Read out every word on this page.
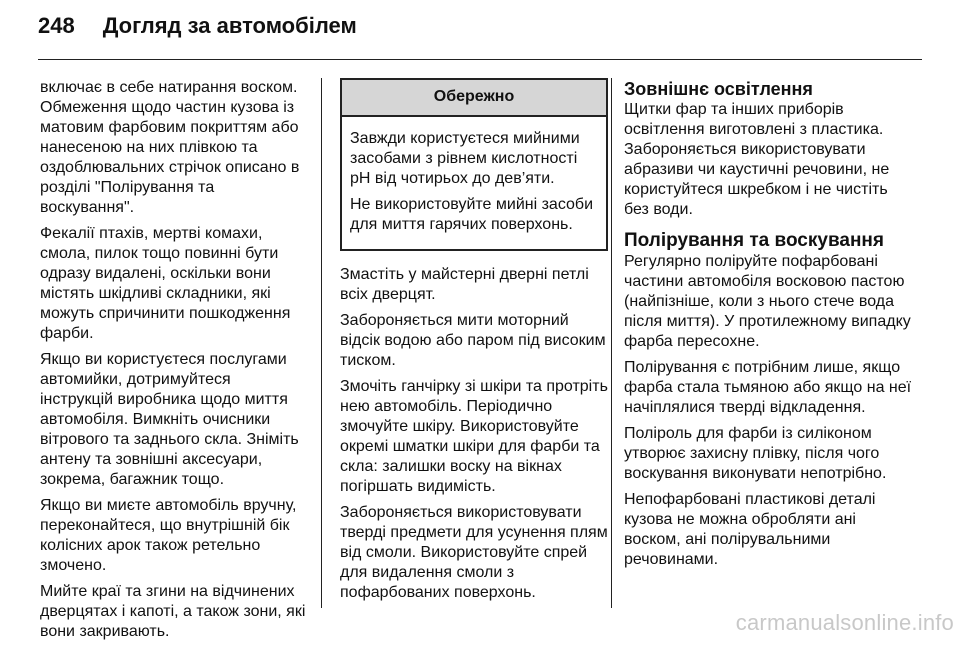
248 Догляд за автомобілем

включає в себе натирання воском. Обмеження щодо частин кузова із матовим фарбовим покриттям або нанесеною на них плівкою та оздоблювальних стрічок описано в розділі "Полірування та воскування".

Фекалії птахів, мертві комахи, смола, пилок тощо повинні бути одразу видалені, оскільки вони містять шкідливі складники, які можуть спричинити пошкодження фарби.

Якщо ви користуєтеся послугами автомийки, дотримуйтеся інструкцій виробника щодо миття автомобіля. Вимкніть очисники вітрового та заднього скла. Зніміть антену та зовнішні аксесуари, зокрема, багажник тощо.

Якщо ви миєте автомобіль вручну, переконайтеся, що внутрішній бік колісних арок також ретельно змочено.

Мийте краї та згини на відчинених дверцятах і капоті, а також зони, які вони закривають.

Обережно

Завжди користуєтеся мийними засобами з рівнем кислотності pH від чотирьох до дев’яти.

Не використовуйте мийні засоби для миття гарячих поверхонь.

Змастіть у майстерні дверні петлі всіх дверцят.

Забороняється мити моторний відсік водою або паром під високим тиском.

Змочіть ганчірку зі шкіри та протріть нею автомобіль. Періодично змочуйте шкіру. Використовуйте окремі шматки шкіри для фарби та скла: залишки воску на вікнах погіршать видимість.

Забороняється використовувати тверді предмети для усунення плям від смоли. Використовуйте спрей для видалення смоли з пофарбованих поверхонь.

Зовнішнє освітлення

Щитки фар та інших приборів освітлення виготовлені з пластика. Забороняється використовувати абразиви чи каустичні речовини, не користуйтеся шкребком і не чистіть без води.

Полірування та воскування

Регулярно поліруйте пофарбовані частини автомобіля восковою пастою (найпізніше, коли з нього стече вода після миття). У протилежному випадку фарба пересохне.

Полірування є потрібним лише, якщо фарба стала тьмяною або якщо на неї начіплялися тверді відкладення.

Поліроль для фарби із силіконом утворює захисну плівку, після чого воскування виконувати непотрібно.

Непофарбовані пластикові деталі кузова не можна обробляти ані воском, ані полірувальними речовинами.

carmanualsonline.info
